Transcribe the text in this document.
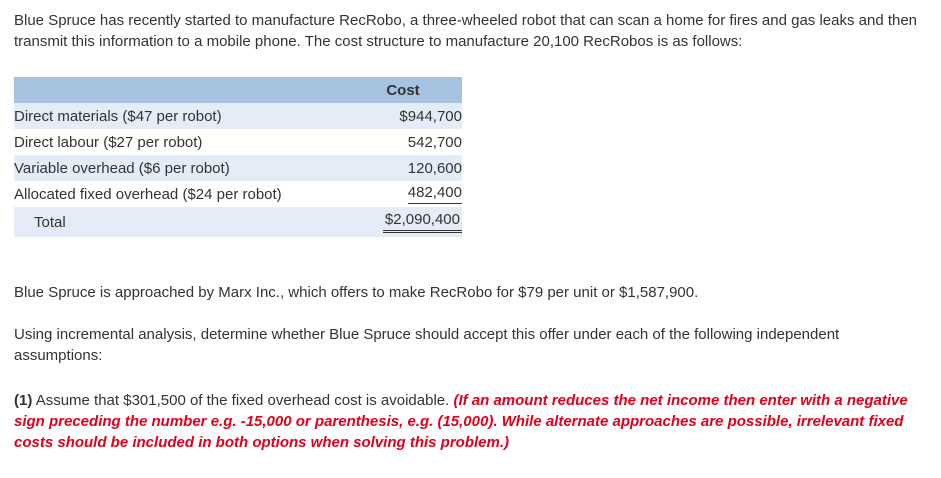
Blue Spruce has recently started to manufacture RecRobo, a three-wheeled robot that can scan a home for fires and gas leaks and then transmit this information to a mobile phone. The cost structure to manufacture 20,100 RecRobos is as follows:
	Cost
Direct materials ($47 per robot)	$944,700
Direct labour ($27 per robot)	542,700
Variable overhead ($6 per robot)	120,600
Allocated fixed overhead ($24 per robot)	482,400
Total	$2,090,400
Blue Spruce is approached by Marx Inc., which offers to make RecRobo for $79 per unit or $1,587,900.
Using incremental analysis, determine whether Blue Spruce should accept this offer under each of the following independent assumptions:
(1) Assume that $301,500 of the fixed overhead cost is avoidable. (If an amount reduces the net income then enter with a negative sign preceding the number e.g. -15,000 or parenthesis, e.g. (15,000). While alternate approaches are possible, irrelevant fixed costs should be included in both options when solving this problem.)
